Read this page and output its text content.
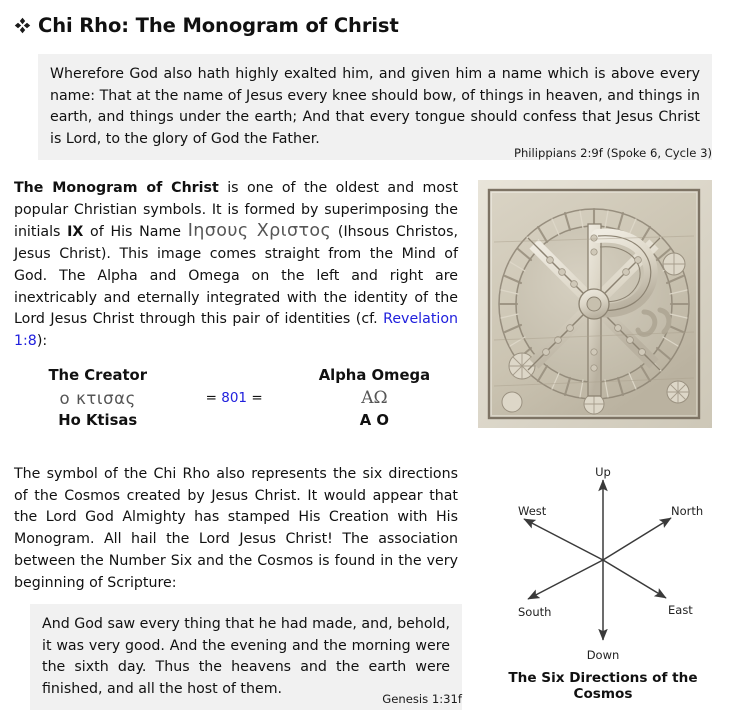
Chi Rho: The Monogram of Christ
Wherefore God also hath highly exalted him, and given him a name which is above every name: That at the name of Jesus every knee should bow, of things in heaven, and things in earth, and things under the earth; And that every tongue should confess that Jesus Christ is Lord, to the glory of God the Father.
Philippians 2:9f (Spoke 6, Cycle 3)
The Monogram of Christ is one of the oldest and most popular Christian symbols. It is formed by superimposing the initials IX of His Name Ιησους Χριστος (Ihsous Christos, Jesus Christ). This image comes straight from the Mind of God. The Alpha and Omega on the left and right are inextricably and eternally integrated with the identity of the Lord Jesus Christ through this pair of identities (cf. Revelation 1:8):
The Creator		Alpha Omega
ο κτισας	= 801 =	ΑΩ
Ho Ktisas		A O
The symbol of the Chi Rho also represents the six directions of the Cosmos created by Jesus Christ. It would appear that the Lord God Almighty has stamped His Creation with His Monogram. All hail the Lord Jesus Christ! The association between the Number Six and the Cosmos is found in the very beginning of Scripture:
And God saw every thing that he had made, and, behold, it was very good. And the evening and the morning were the sixth day. Thus the heavens and the earth were finished, and all the host of them.
Genesis 1:31f
Up
Down
North
South
West
East
The Six Directions of the Cosmos
